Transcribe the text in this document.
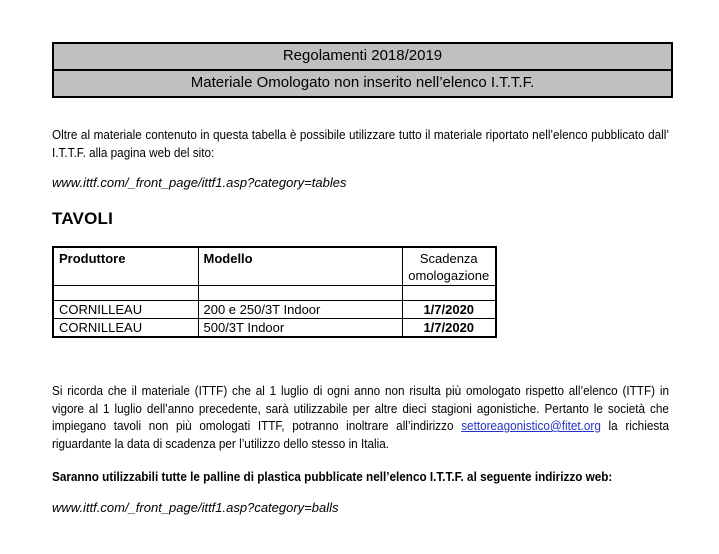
Regolamenti 2018/2019
Materiale Omologato non inserito nell’elenco I.T.T.F.

Oltre al materiale contenuto in questa tabella è possibile utilizzare tutto il materiale riportato nell’elenco pubblicato dall’ I.T.T.F. alla pagina web del sito:

www.ittf.com/_front_page/ittf1.asp?category=tables

TAVOLI
Produttore	Modello	Scadenza omologazione

CORNILLEAU	200 e 250/3T Indoor	1/7/2020
CORNILLEAU	500/3T Indoor	1/7/2020

Si ricorda che il materiale (ITTF) che al 1 luglio di ogni anno non risulta più omologato rispetto all’elenco (ITTF) in vigore al 1 luglio dell’anno precedente, sarà utilizzabile per altre dieci stagioni agonistiche. Pertanto le società che impiegano tavoli non più omologati ITTF, potranno inoltrare all’indirizzo settoreagonistico@fitet.org la richiesta riguardante la data di scadenza per l’utilizzo dello stesso in Italia.

Saranno utilizzabili tutte le palline di plastica pubblicate nell’elenco I.T.T.F. al seguente indirizzo web:

www.ittf.com/_front_page/ittf1.asp?category=balls
